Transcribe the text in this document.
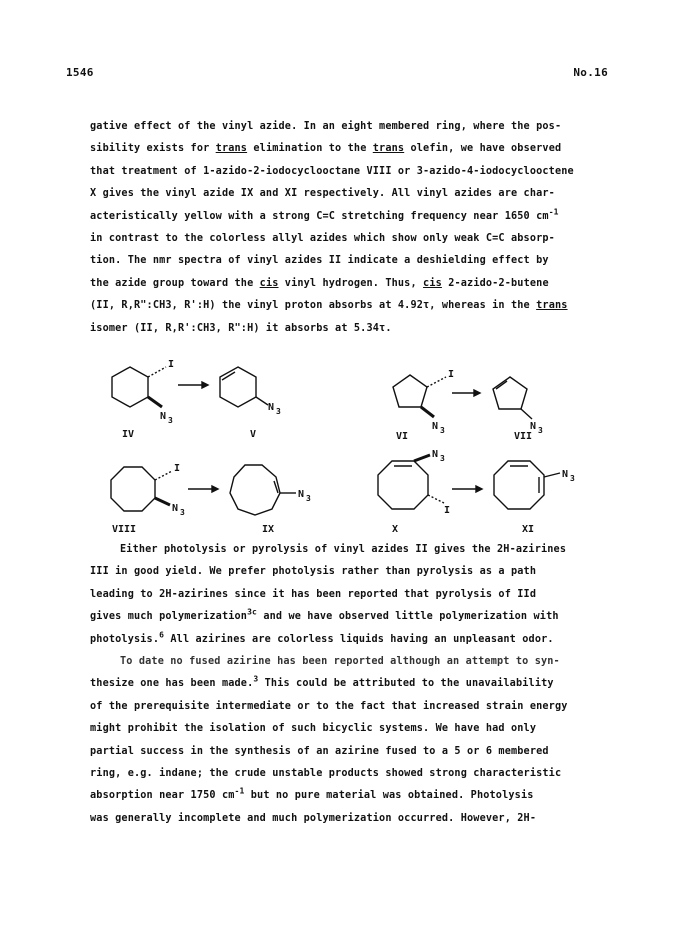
1546	No.16

gative effect of the vinyl azide. In an eight membered ring, where the pos-

sibility exists for trans elimination to the trans olefin, we have observed

that treatment of 1-azido-2-iodocyclooctane VIII or 3-azido-4-iodocyclooctene

X gives the vinyl azide IX and XI respectively. All vinyl azides are char-

acteristically yellow with a strong C=C stretching frequency near 1650 $cm^{-1}$

in contrast to the colorless allyl azides which show only weak C=C absorp-

tion. The nmr spectra of vinyl azides II indicate a deshielding effect by

the azide group toward the cis vinyl hydrogen. Thus, cis 2-azido-2-butene

(II, R,R":CH3, R':H) the vinyl proton absorbs at 4.92τ, whereas in the trans

isomer (II, R,R':CH3, R":H) it absorbs at 5.34τ.

I
N 3
N 3
I
N 3	N 3
I
N 3
N 3
N 3
I
N 3
IV	V	VI	VII
VIII	IX	X	XI

Either photolysis or pyrolysis of vinyl azides II gives the 2H-azirines

III in good yield. We prefer photolysis rather than pyrolysis as a path

leading to 2H-azirines since it has been reported that pyrolysis of IId

gives much polymerization$^{3c}$ and we have observed little polymerization with

photolysis.$^6$ All azirines are colorless liquids having an unpleasant odor.

To date no fused azirine has been reported although an attempt to syn-

thesize one has been made.$^3$ This could be attributed to the unavailability

of the prerequisite intermediate or to the fact that increased strain energy

might prohibit the isolation of such bicyclic systems. We have had only

partial success in the synthesis of an azirine fused to a 5 or 6 membered

ring, e.g. indane; the crude unstable products showed strong characteristic

absorption near 1750 $cm^{-1}$ but no pure material was obtained. Photolysis

was generally incomplete and much polymerization occurred. However, 2H-
